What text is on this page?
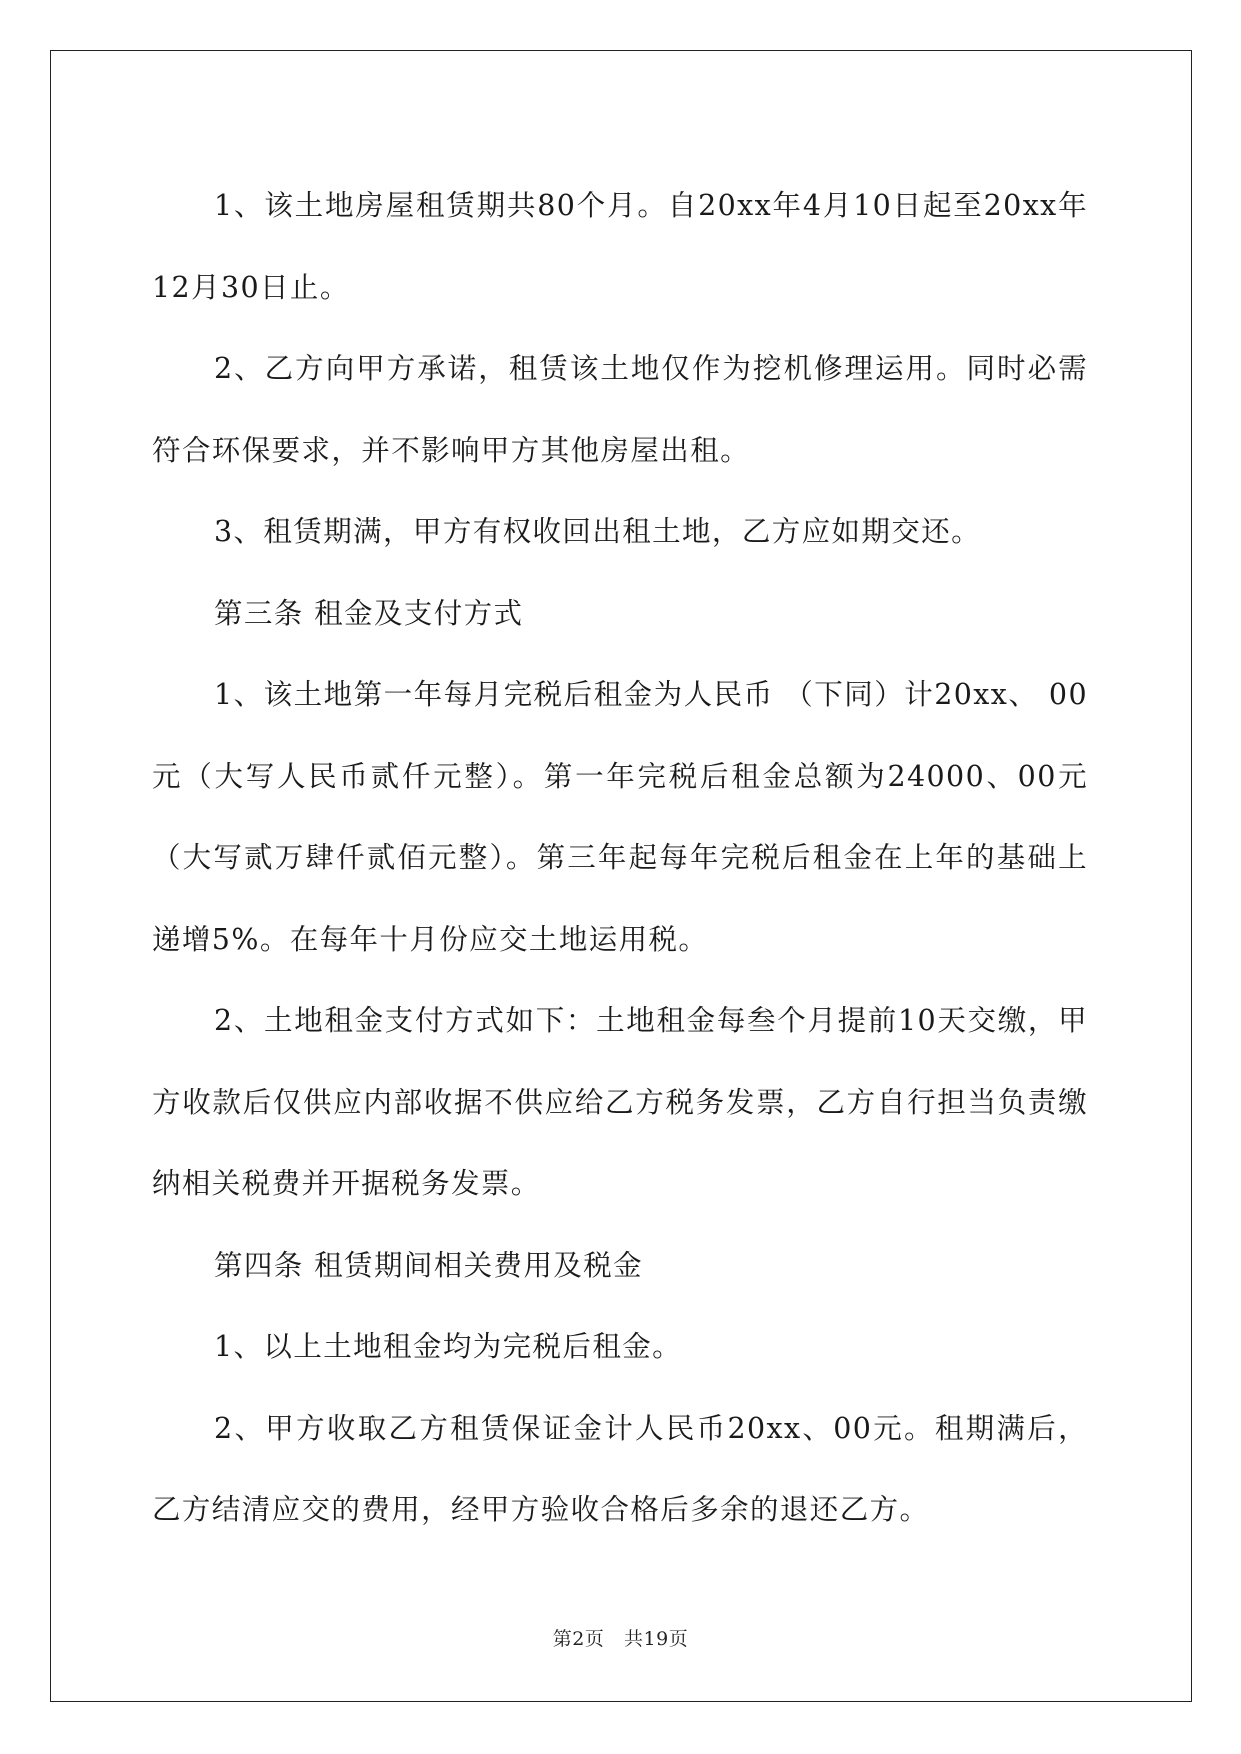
1、该土地房屋租赁期共80个月。自20xx年4月10日起至20xx年12月30日止。

2、乙方向甲方承诺，租赁该土地仅作为挖机修理运用。同时必需符合环保要求，并不影响甲方其他房屋出租。

3、租赁期满，甲方有权收回出租土地，乙方应如期交还。

第三条 租金及支付方式

1、该土地第一年每月完税后租金为人民币 （下同）计20xx、 00元（大写人民币贰仟元整）。第一年完税后租金总额为24000、00元（大写贰万肆仟贰佰元整）。第三年起每年完税后租金在上年的基础上递增5%。在每年十月份应交土地运用税。

2、土地租金支付方式如下：土地租金每叁个月提前10天交缴，甲方收款后仅供应内部收据不供应给乙方税务发票，乙方自行担当负责缴纳相关税费并开据税务发票。

第四条 租赁期间相关费用及税金

1、以上土地租金均为完税后租金。

2、甲方收取乙方租赁保证金计人民币20xx、00元。租期满后，乙方结清应交的费用，经甲方验收合格后多余的退还乙方。

第2页 共19页
